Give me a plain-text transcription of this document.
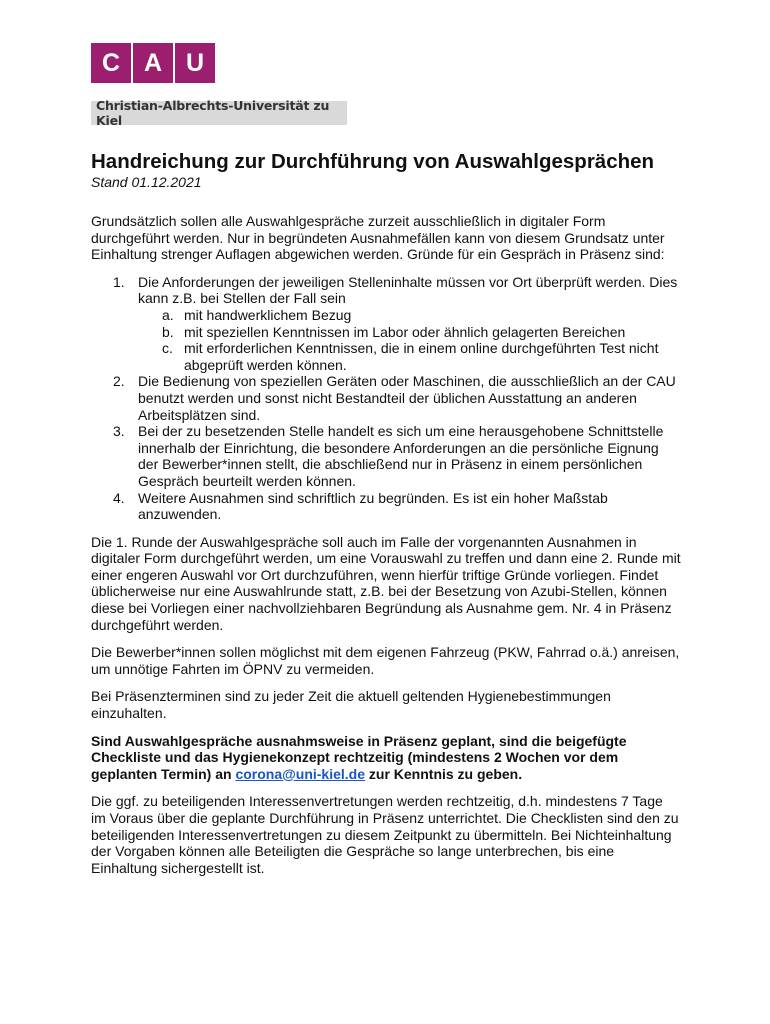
C A U
Christian-Albrechts-Universität zu Kiel
Handreichung zur Durchführung von Auswahlgesprächen
Stand 01.12.2021

Grundsätzlich sollen alle Auswahlgespräche zurzeit ausschließlich in digitaler Form durchgeführt werden. Nur in begründeten Ausnahmefällen kann von diesem Grundsatz unter Einhaltung strenger Auflagen abgewichen werden. Gründe für ein Gespräch in Präsenz sind:

1. Die Anforderungen der jeweiligen Stelleninhalte müssen vor Ort überprüft werden. Dies kann z.B. bei Stellen der Fall sein
a. mit handwerklichem Bezug
b. mit speziellen Kenntnissen im Labor oder ähnlich gelagerten Bereichen
c. mit erforderlichen Kenntnissen, die in einem online durchgeführten Test nicht abgeprüft werden können.
2. Die Bedienung von speziellen Geräten oder Maschinen, die ausschließlich an der CAU benutzt werden und sonst nicht Bestandteil der üblichen Ausstattung an anderen Arbeitsplätzen sind.
3. Bei der zu besetzenden Stelle handelt es sich um eine herausgehobene Schnittstelle innerhalb der Einrichtung, die besondere Anforderungen an die persönliche Eignung der Bewerber*innen stellt, die abschließend nur in Präsenz in einem persönlichen Gespräch beurteilt werden können.
4. Weitere Ausnahmen sind schriftlich zu begründen. Es ist ein hoher Maßstab anzuwenden.

Die 1. Runde der Auswahlgespräche soll auch im Falle der vorgenannten Ausnahmen in digitaler Form durchgeführt werden, um eine Vorauswahl zu treffen und dann eine 2. Runde mit einer engeren Auswahl vor Ort durchzuführen, wenn hierfür triftige Gründe vorliegen. Findet üblicherweise nur eine Auswahlrunde statt, z.B. bei der Besetzung von Azubi-Stellen, können diese bei Vorliegen einer nachvollziehbaren Begründung als Ausnahme gem. Nr. 4 in Präsenz durchgeführt werden.

Die Bewerber*innen sollen möglichst mit dem eigenen Fahrzeug (PKW, Fahrrad o.ä.) anreisen, um unnötige Fahrten im ÖPNV zu vermeiden.

Bei Präsenzterminen sind zu jeder Zeit die aktuell geltenden Hygienebestimmungen einzuhalten.

Sind Auswahlgespräche ausnahmsweise in Präsenz geplant, sind die beigefügte Checkliste und das Hygienekonzept rechtzeitig (mindestens 2 Wochen vor dem geplanten Termin) an corona@uni-kiel.de zur Kenntnis zu geben.

Die ggf. zu beteiligenden Interessenvertretungen werden rechtzeitig, d.h. mindestens 7 Tage im Voraus über die geplante Durchführung in Präsenz unterrichtet. Die Checklisten sind den zu beteiligenden Interessenvertretungen zu diesem Zeitpunkt zu übermitteln. Bei Nichteinhaltung der Vorgaben können alle Beteiligten die Gespräche so lange unterbrechen, bis eine Einhaltung sichergestellt ist.
